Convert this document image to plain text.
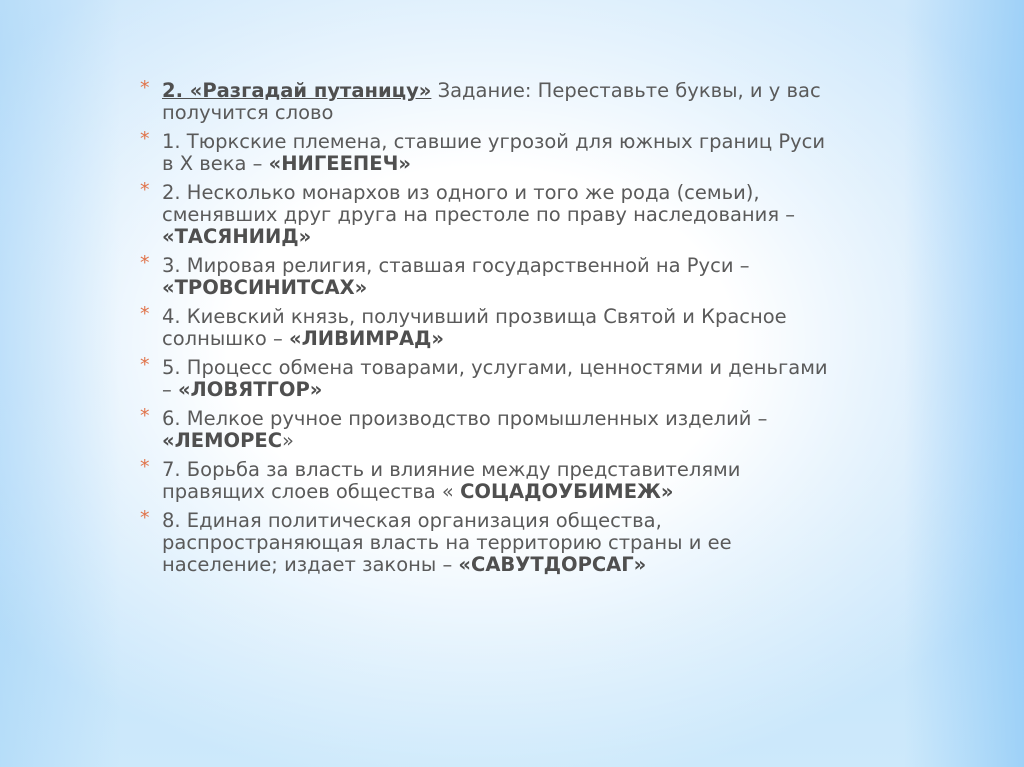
* 2. «Разгадай путаницу» Задание: Переставьте буквы, и у вас получится слово
* 1. Тюркские племена, ставшие угрозой для южных границ Руси в X века – «НИГЕЕПЕЧ»
* 2. Несколько монархов из одного и того же рода (семьи), сменявших друг друга на престоле по праву наследования – «ТАСЯНИИД»
* 3. Мировая религия, ставшая государственной на Руси – «ТРОВСИНИТСАХ»
* 4. Киевский князь, получивший прозвища Святой и Красное солнышко – «ЛИВИМРАД»
* 5. Процесс обмена товарами, услугами, ценностями и деньгами – «ЛОВЯТГОР»
* 6. Мелкое ручное производство промышленных изделий – «ЛЕМОРЕС»
* 7. Борьба за власть и влияние между представителями правящих слоев общества « СОЦАДОУБИМЕЖ»
* 8. Единая политическая организация общества, распространяющая власть на территорию страны и ее население; издает законы – «САВУТДОРСАГ»
